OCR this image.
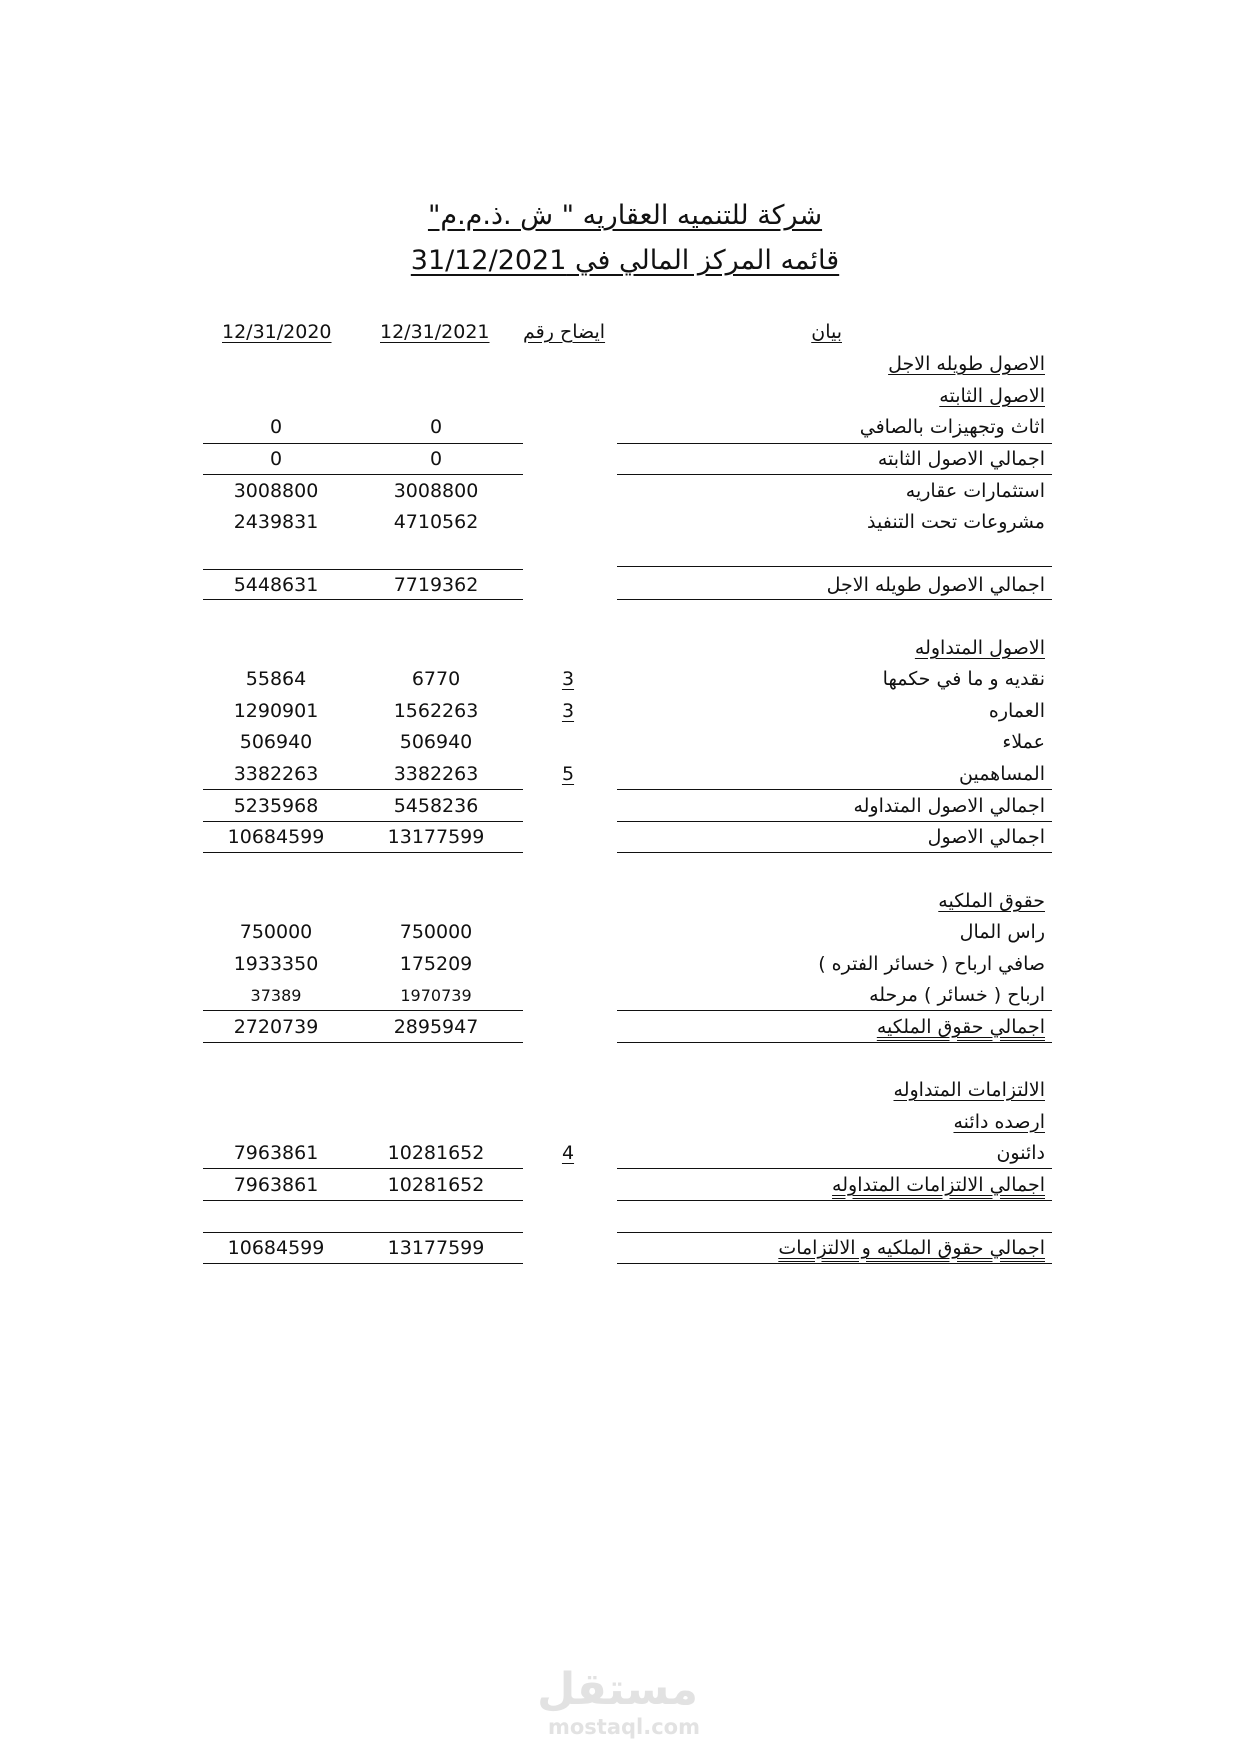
شركة للتنميه العقاريه " ش .ذ.م.م"
قائمه المركز المالي في 31/12/2021
بيان
ايضاح رقم
12/31/2021
12/31/2020
الاصول طويله الاجل
الاصول الثابته
اثاث وتجهيزات بالصافي
0
0
اجمالي الاصول الثابته
0
0
استثمارات عقاريه
3008800
3008800
مشروعات تحت التنفيذ
4710562
2439831
اجمالي الاصول طويله الاجل
7719362
5448631
الاصول المتداوله
نقديه و ما في حكمها
3
6770
55864
العماره
3
1562263
1290901
عملاء
506940
506940
المساهمين
5
3382263
3382263
اجمالي الاصول المتداوله
5458236
5235968
اجمالي الاصول
13177599
10684599
حقوق الملكيه
راس المال
750000
750000
صافي ارباح ( خسائر الفتره )
175209
1933350
ارباح ( خسائر ) مرحله
1970739
37389
اجمالي حقوق الملكيه
2895947
2720739
الالتزامات المتداوله
ارصده دائنه
دائنون
4
10281652
7963861
اجمالي الالتزامات المتداوله
10281652
7963861
اجمالي حقوق الملكيه و الالتزامات
13177599
10684599
مستقل
mostaql.com
